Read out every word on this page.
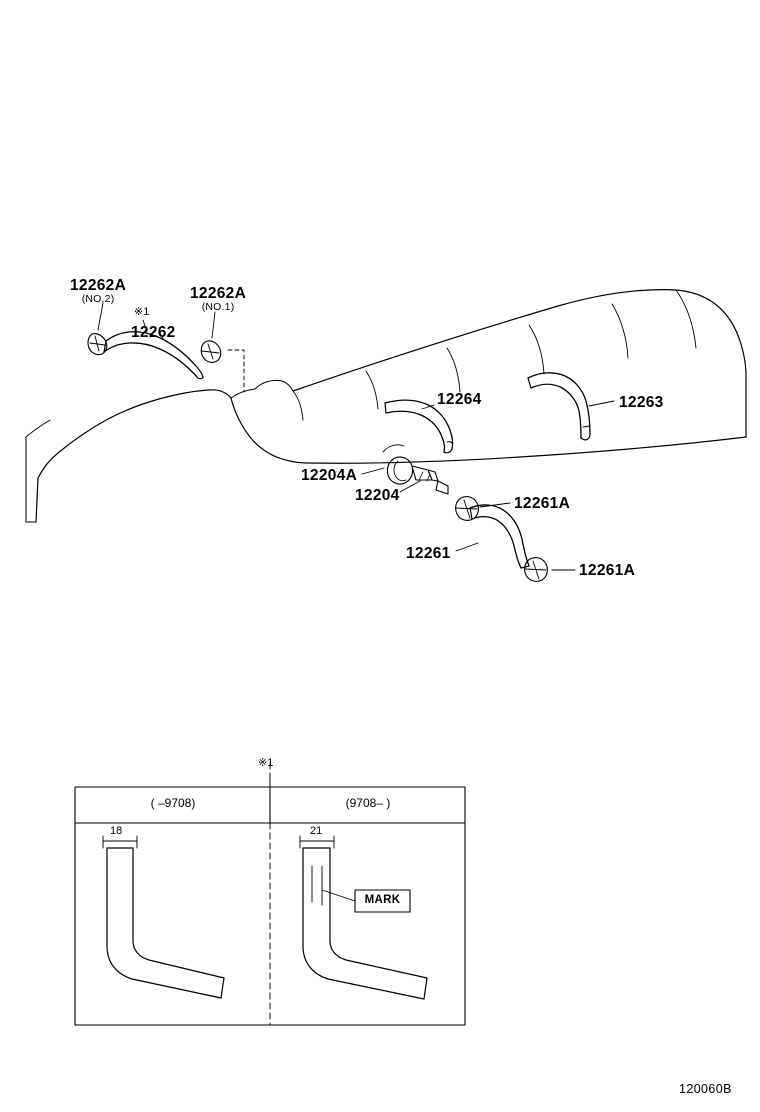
12262A
(NO.2)	12262A
(NO.1)
12262
※1
12264	12263
12204A
12204	12261A
12261
12261A
※1
( –9708)	(9708– )
18	21
MARK
120060B
